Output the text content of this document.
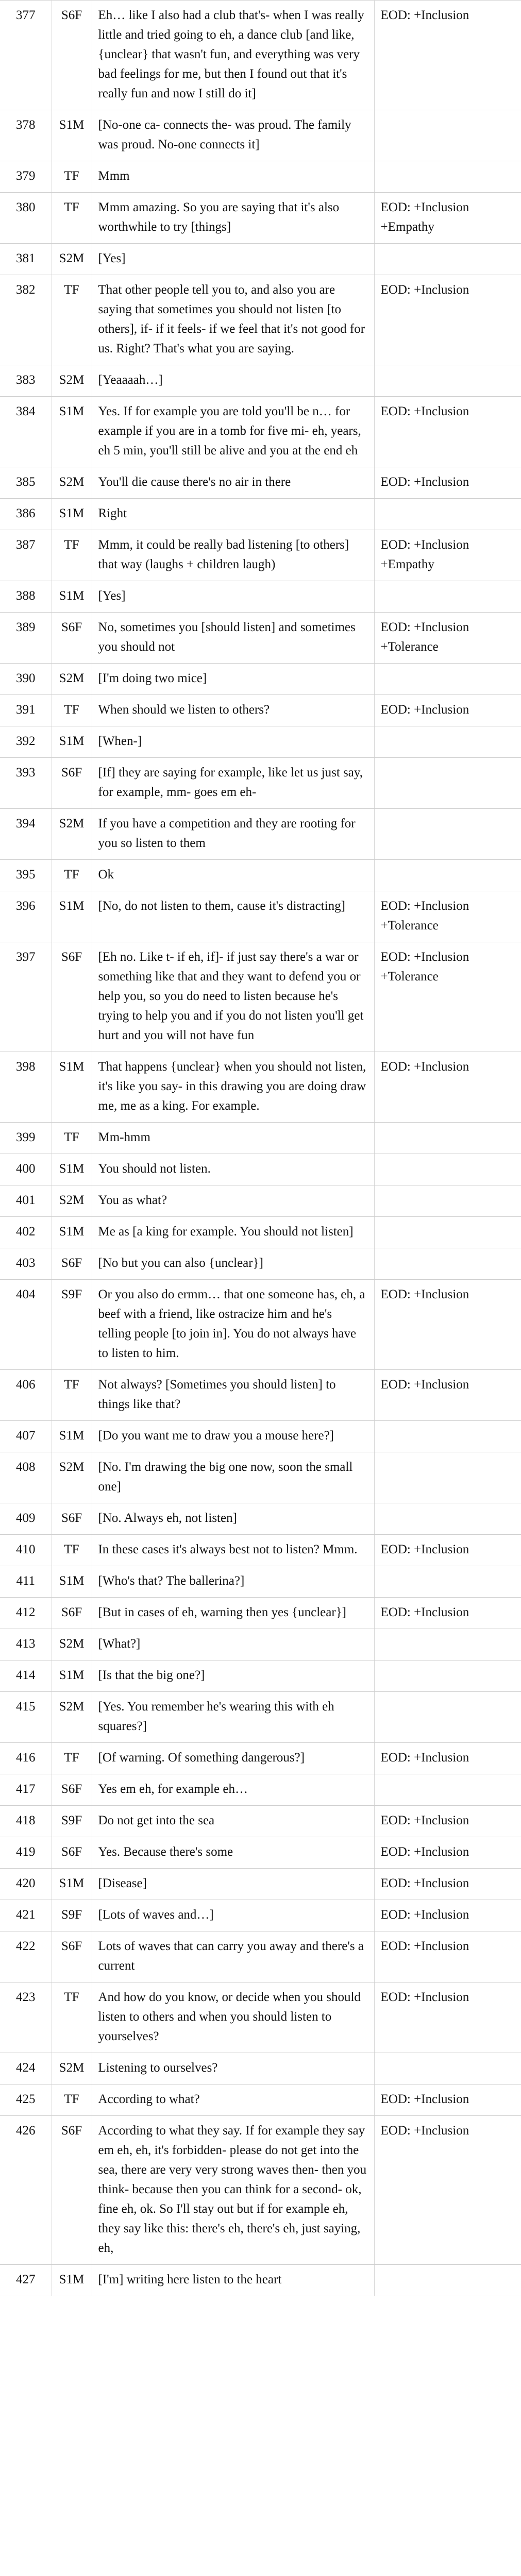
377	S6F	Eh… like I also had a club that's- when I was really little and tried going to eh, a dance club [and like, {unclear} that wasn't fun, and everything was very bad feelings for me, but then I found out that it's really fun and now I still do it]	EOD: +Inclusion
378	S1M	[No-one ca- connects the- was proud. The family was proud. No-one connects it]	
379	TF	Mmm	
380	TF	Mmm amazing. So you are saying that it's also worthwhile to try [things]	EOD: +Inclusion +Empathy
381	S2M	[Yes]	
382	TF	That other people tell you to, and also you are saying that sometimes you should not listen [to others], if- if it feels- if we feel that it's not good for us. Right? That's what you are saying.	EOD: +Inclusion
383	S2M	[Yeaaaah…]	
384	S1M	Yes. If for example you are told you'll be n… for example if you are in a tomb for five mi- eh, years, eh 5 min, you'll still be alive and you at the end eh	EOD: +Inclusion
385	S2M	You'll die cause there's no air in there	EOD: +Inclusion
386	S1M	Right	
387	TF	Mmm, it could be really bad listening [to others] that way (laughs + children laugh)	EOD: +Inclusion +Empathy
388	S1M	[Yes]	
389	S6F	No, sometimes you [should listen] and sometimes you should not	EOD: +Inclusion +Tolerance
390	S2M	[I'm doing two mice]	
391	TF	When should we listen to others?	EOD: +Inclusion
392	S1M	[When-]	
393	S6F	[If] they are saying for example, like let us just say, for example, mm- goes em eh-	
394	S2M	If you have a competition and they are rooting for you so listen to them	
395	TF	Ok	
396	S1M	[No, do not listen to them, cause it's distracting]	EOD: +Inclusion +Tolerance
397	S6F	[Eh no. Like t- if eh, if]- if just say there's a war or something like that and they want to defend you or help you, so you do need to listen because he's trying to help you and if you do not listen you'll get hurt and you will not have fun	EOD: +Inclusion +Tolerance
398	S1M	That happens {unclear} when you should not listen, it's like you say- in this drawing you are doing draw me, me as a king. For example.	EOD: +Inclusion
399	TF	Mm-hmm	
400	S1M	You should not listen.	
401	S2M	You as what?	
402	S1M	Me as [a king for example. You should not listen]	
403	S6F	[No but you can also {unclear}]	
404	S9F	Or you also do ermm… that one someone has, eh, a beef with a friend, like ostracize him and he's telling people [to join in]. You do not always have to listen to him.	EOD: +Inclusion
406	TF	Not always? [Sometimes you should listen] to things like that?	EOD: +Inclusion
407	S1M	[Do you want me to draw you a mouse here?]	
408	S2M	[No. I'm drawing the big one now, soon the small one]	
409	S6F	[No. Always eh, not listen]	
410	TF	In these cases it's always best not to listen? Mmm.	EOD: +Inclusion
411	S1M	[Who's that? The ballerina?]	
412	S6F	[But in cases of eh, warning then yes {unclear}]	EOD: +Inclusion
413	S2M	[What?]	
414	S1M	[Is that the big one?]	
415	S2M	[Yes. You remember he's wearing this with eh squares?]	
416	TF	[Of warning. Of something dangerous?]	EOD: +Inclusion
417	S6F	Yes em eh, for example eh…	
418	S9F	Do not get into the sea	EOD: +Inclusion
419	S6F	Yes. Because there's some	EOD: +Inclusion
420	S1M	[Disease]	EOD: +Inclusion
421	S9F	[Lots of waves and…]	EOD: +Inclusion
422	S6F	Lots of waves that can carry you away and there's a current	EOD: +Inclusion
423	TF	And how do you know, or decide when you should listen to others and when you should listen to yourselves?	EOD: +Inclusion
424	S2M	Listening to ourselves?	
425	TF	According to what?	EOD: +Inclusion
426	S6F	According to what they say. If for example they say em eh, eh, it's forbidden- please do not get into the sea, there are very very strong waves then- then you think- because then you can think for a second- ok, fine eh, ok. So I'll stay out but if for example eh, they say like this: there's eh, there's eh, just saying, eh,	EOD: +Inclusion
427	S1M	[I'm] writing here listen to the heart	
